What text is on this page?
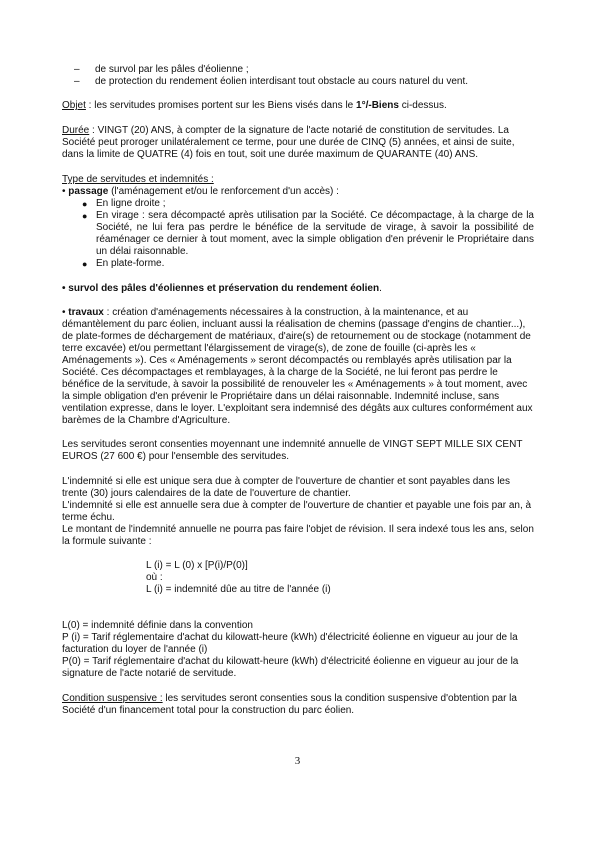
– de survol par les pâles d'éolienne ;
– de protection du rendement éolien interdisant tout obstacle au cours naturel du vent.

Objet : les servitudes promises portent sur les Biens visés dans le 1°/-Biens ci-dessus.

Durée : VINGT (20) ANS, à compter de la signature de l'acte notarié de constitution de servitudes. La Société peut proroger unilatéralement ce terme, pour une durée de CINQ (5) années, et ainsi de suite, dans la limite de QUATRE (4) fois en tout, soit une durée maximum de QUARANTE (40) ANS.

Type de servitudes et indemnités :

• passage (l'aménagement et/ou le renforcement d'un accès) :

● En ligne droite ;
● En virage : sera décompacté après utilisation par la Société. Ce décompactage, à la charge de la Société, ne lui fera pas perdre le bénéfice de la servitude de virage, à savoir la possibilité de réaménager ce dernier à tout moment, avec la simple obligation d'en prévenir le Propriétaire dans un délai raisonnable.
● En plate-forme.

• survol des pâles d'éoliennes et préservation du rendement éolien.

• travaux : création d'aménagements nécessaires à la construction, à la maintenance, et au démantèlement du parc éolien, incluant aussi la réalisation de chemins (passage d'engins de chantier...), de plate-formes de déchargement de matériaux, d'aire(s) de retournement ou de stockage (notamment de terre excavée) et/ou permettant l'élargissement de virage(s), de zone de fouille (ci-après les « Aménagements »). Ces « Aménagements » seront décompactés ou remblayés après utilisation par la Société. Ces décompactages et remblayages, à la charge de la Société, ne lui feront pas perdre le bénéfice de la servitude, à savoir la possibilité de renouveler les « Aménagements » à tout moment, avec la simple obligation d'en prévenir le Propriétaire dans un délai raisonnable. Indemnité incluse, sans ventilation expresse, dans le loyer. L'exploitant sera indemnisé des dégâts aux cultures conformément aux barèmes de la Chambre d'Agriculture.

Les servitudes seront consenties moyennant une indemnité annuelle de VINGT SEPT MILLE SIX CENT EUROS (27 600 €) pour l'ensemble des servitudes.

L'indemnité si elle est unique sera due à compter de l'ouverture de chantier et sont payables dans les trente (30) jours calendaires de la date de l'ouverture de chantier.

L'indemnité si elle est annuelle sera due à compter de l'ouverture de chantier et payable une fois par an, à terme échu.

Le montant de l'indemnité annuelle ne pourra pas faire l'objet de révision. Il sera indexé tous les ans, selon la formule suivante :

L (i) = L (0) x [P(i)/P(0)]

où :

L (i) = indemnité dûe au titre de l'année (i)

L(0) = indemnité définie dans la convention

P (i) = Tarif réglementaire d'achat du kilowatt-heure (kWh) d'électricité éolienne en vigueur au jour de la facturation du loyer de l'année (i)

P(0) = Tarif réglementaire d'achat du kilowatt-heure (kWh) d'électricité éolienne en vigueur au jour de la signature de l'acte notarié de servitude.

Condition suspensive : les servitudes seront consenties sous la condition suspensive d'obtention par la Société d'un financement total pour la construction du parc éolien.

3
